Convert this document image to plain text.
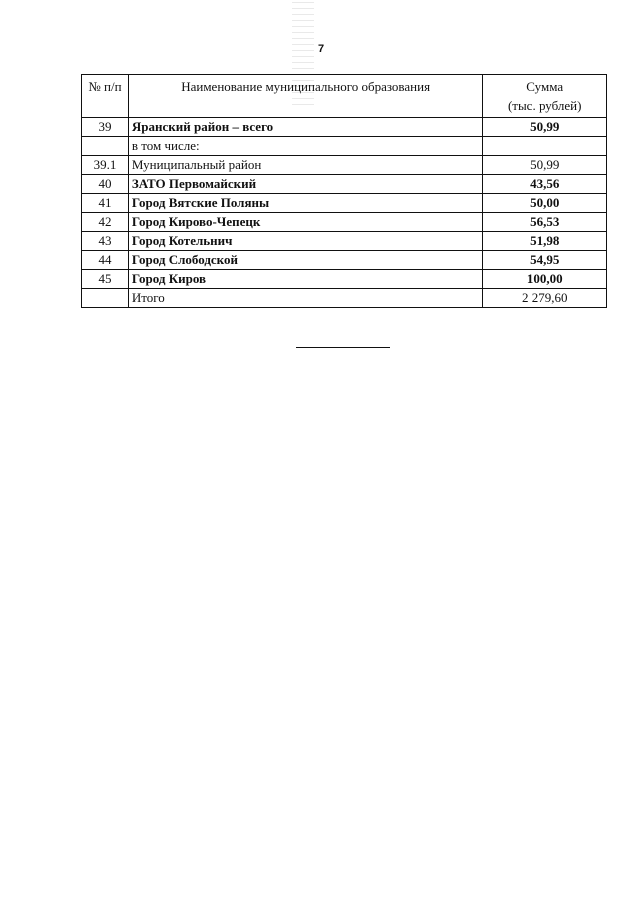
7
№ п/п	Наименование муниципального образования	Сумма
(тыс. рублей)
39	Яранский район – всего	50,99
	в том числе:	
39.1	Муниципальный район	50,99
40	ЗАТО Первомайский	43,56
41	Город Вятские Поляны	50,00
42	Город Кирово-Чепецк	56,53
43	Город Котельнич	51,98
44	Город Слободской	54,95
45	Город Киров	100,00
	Итого	2 279,60
